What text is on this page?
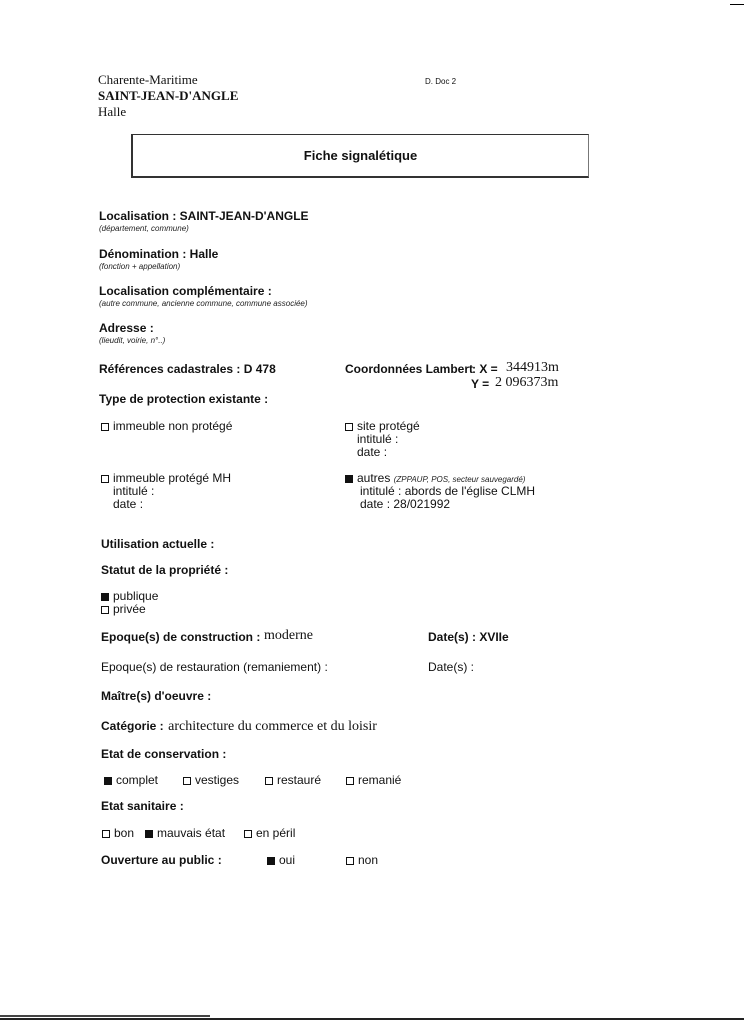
Charente-Maritime
SAINT-JEAN-D'ANGLE
Halle
D. Doc 2
Fiche signalétique
Localisation : SAINT-JEAN-D'ANGLE
(département, commune)
Dénomination : Halle
(fonction + appellation)
Localisation complémentaire :
(autre commune, ancienne commune, commune associée)
Adresse :
(lieudit, voirie, n°..)
Références cadastrales : D 478	Coordonnées Lambert
: X = 344913m
Y = 2 096373m
Type de protection existante :
immeuble non protégé	site protégé
intitulé :
date :
immeuble protégé MH
intitulé :
date :
autres (ZPPAUP, POS, secteur sauvegardé)
intitulé : abords de l'église CLMH
date : 28/021992
Utilisation actuelle :
Statut de la propriété :
publique
privée
Epoque(s) de construction : moderne	Date(s) : XVIIe
Epoque(s) de restauration (remaniement) :	Date(s) :
Maître(s) d'oeuvre :
Catégorie : architecture du commerce et du loisir
Etat de conservation :
complet	vestiges	restauré	remanié
Etat sanitaire :
bon	mauvais état	en péril
Ouverture au public :	oui	non
